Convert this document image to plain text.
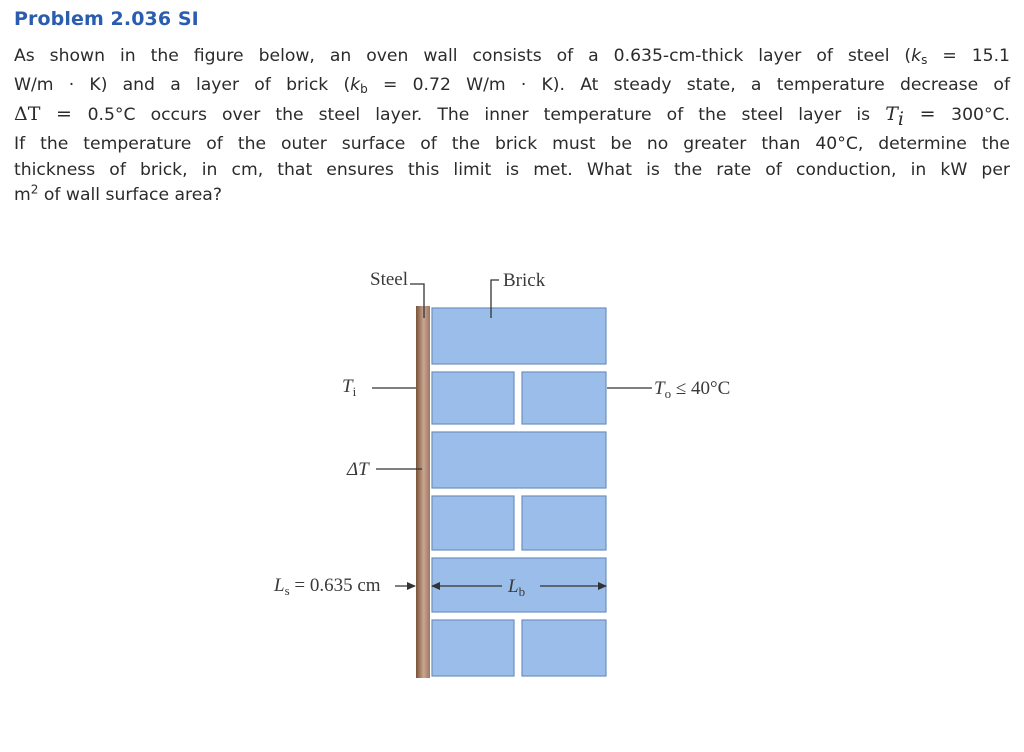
Problem 2.036 SI
As shown in the figure below, an oven wall consists of a 0.635-cm-thick layer of steel ($k_s = 15.1$
W/m · K) and a layer of brick ($k_b = 0.72$ W/m · K). At steady state, a temperature decrease of
ΔT = 0.5°C occurs over the steel layer. The inner temperature of the steel layer is $T_i = 300^\circ C$.
If the temperature of the outer surface of the brick must be no greater than 40°C, determine the
thickness of brick, in cm, that ensures this limit is met. What is the rate of conduction, in kW per
$m^2$ of wall surface area?
Steel	Brick
$T_i$	$T_o \le 40^\circ C$
ΔT
$L_s = 0.635$ cm	$L_b$
